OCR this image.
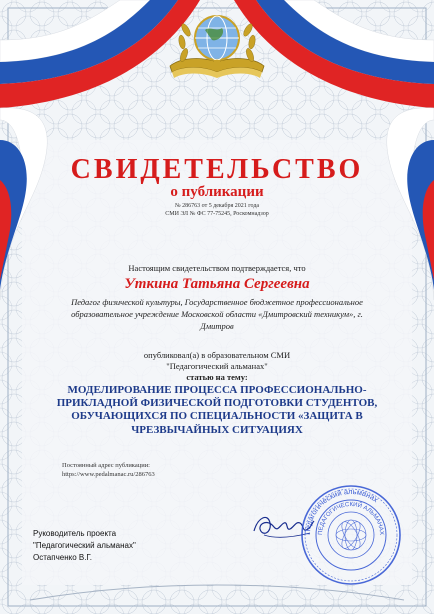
СВИДЕТЕЛЬСТВО
о публикации
№ 286763 от 5 декабря 2021 года
СМИ ЭЛ № ФС 77-75245, Роскомнадзор
Настоящим свидетельством подтверждается, что
Уткина Татьяна Сергеевна
Педагог физической культуры, Государственное бюджетное профессиональное образовательное учреждение Московской области «Дмитровский техникум», г. Дмитров
опубликовал(а) в образовательном СМИ
"Педагогический альманах"
статью на тему:
МОДЕЛИРОВАНИЕ ПРОЦЕССА ПРОФЕССИОНАЛЬНО-ПРИКЛАДНОЙ ФИЗИЧЕСКОЙ ПОДГОТОВКИ СТУДЕНТОВ, ОБУЧАЮЩИХСЯ ПО СПЕЦИАЛЬНОСТИ «ЗАЩИТА В ЧРЕЗВЫЧАЙНЫХ СИТУАЦИЯХ
Постоянный адрес публикации:
https://www.pedalmanac.ru/286763
Руководитель проекта
"Педагогический альманах"
Остапченко В.Г.
Педагогический альманах
ПЕДАГОГИЧЕСКИЙ АЛЬМАНАХ
